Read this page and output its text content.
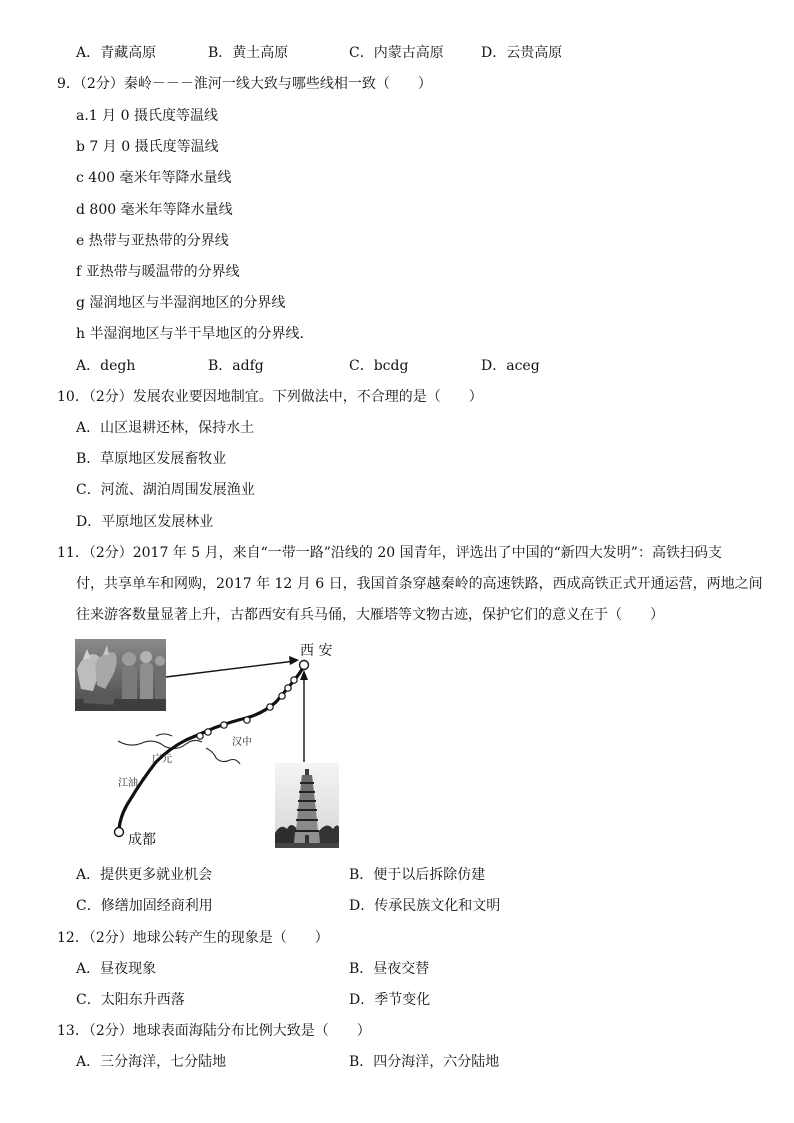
A．青藏高原	B．黄土高原	C．内蒙古高原	D．云贵高原
9．（2分）秦岭－－－淮河一线大致与哪些线相一致（　　）
a.1 月 0 摄氏度等温线
b 7 月 0 摄氏度等温线
c 400 毫米年等降水量线
d 800 毫米年等降水量线
e 热带与亚热带的分界线
f 亚热带与暖温带的分界线
g 湿润地区与半湿润地区的分界线
h 半湿润地区与半干旱地区的分界线.
A．degh	B．adfg	C．bcdg	D．aceg
10．（2分）发展农业要因地制宜。下列做法中，不合理的是（　　）
A．山区退耕还林，保持水土
B．草原地区发展畜牧业
C．河流、湖泊周围发展渔业
D．平原地区发展林业
11．（2分）2017 年 5 月，来自“一带一路”沿线的 20 国青年，评选出了中国的“新四大发明”：高铁扫码支
付，共享单车和网购，2017 年 12 月 6 日，我国首条穿越秦岭的高速铁路，西成高铁正式开通运营，两地之间
往来游客数量显著上升，古都西安有兵马俑，大雁塔等文物古迹，保护它们的意义在于（　　）
西 安
汉中
广元
江油
成都
A．提供更多就业机会	B．便于以后拆除仿建
C．修缮加固经商利用	D．传承民族文化和文明
12．（2分）地球公转产生的现象是（　　）
A．昼夜现象	B．昼夜交替
C．太阳东升西落	D．季节变化
13．（2分）地球表面海陆分布比例大致是（　　）
A．三分海洋，七分陆地	B．四分海洋，六分陆地
